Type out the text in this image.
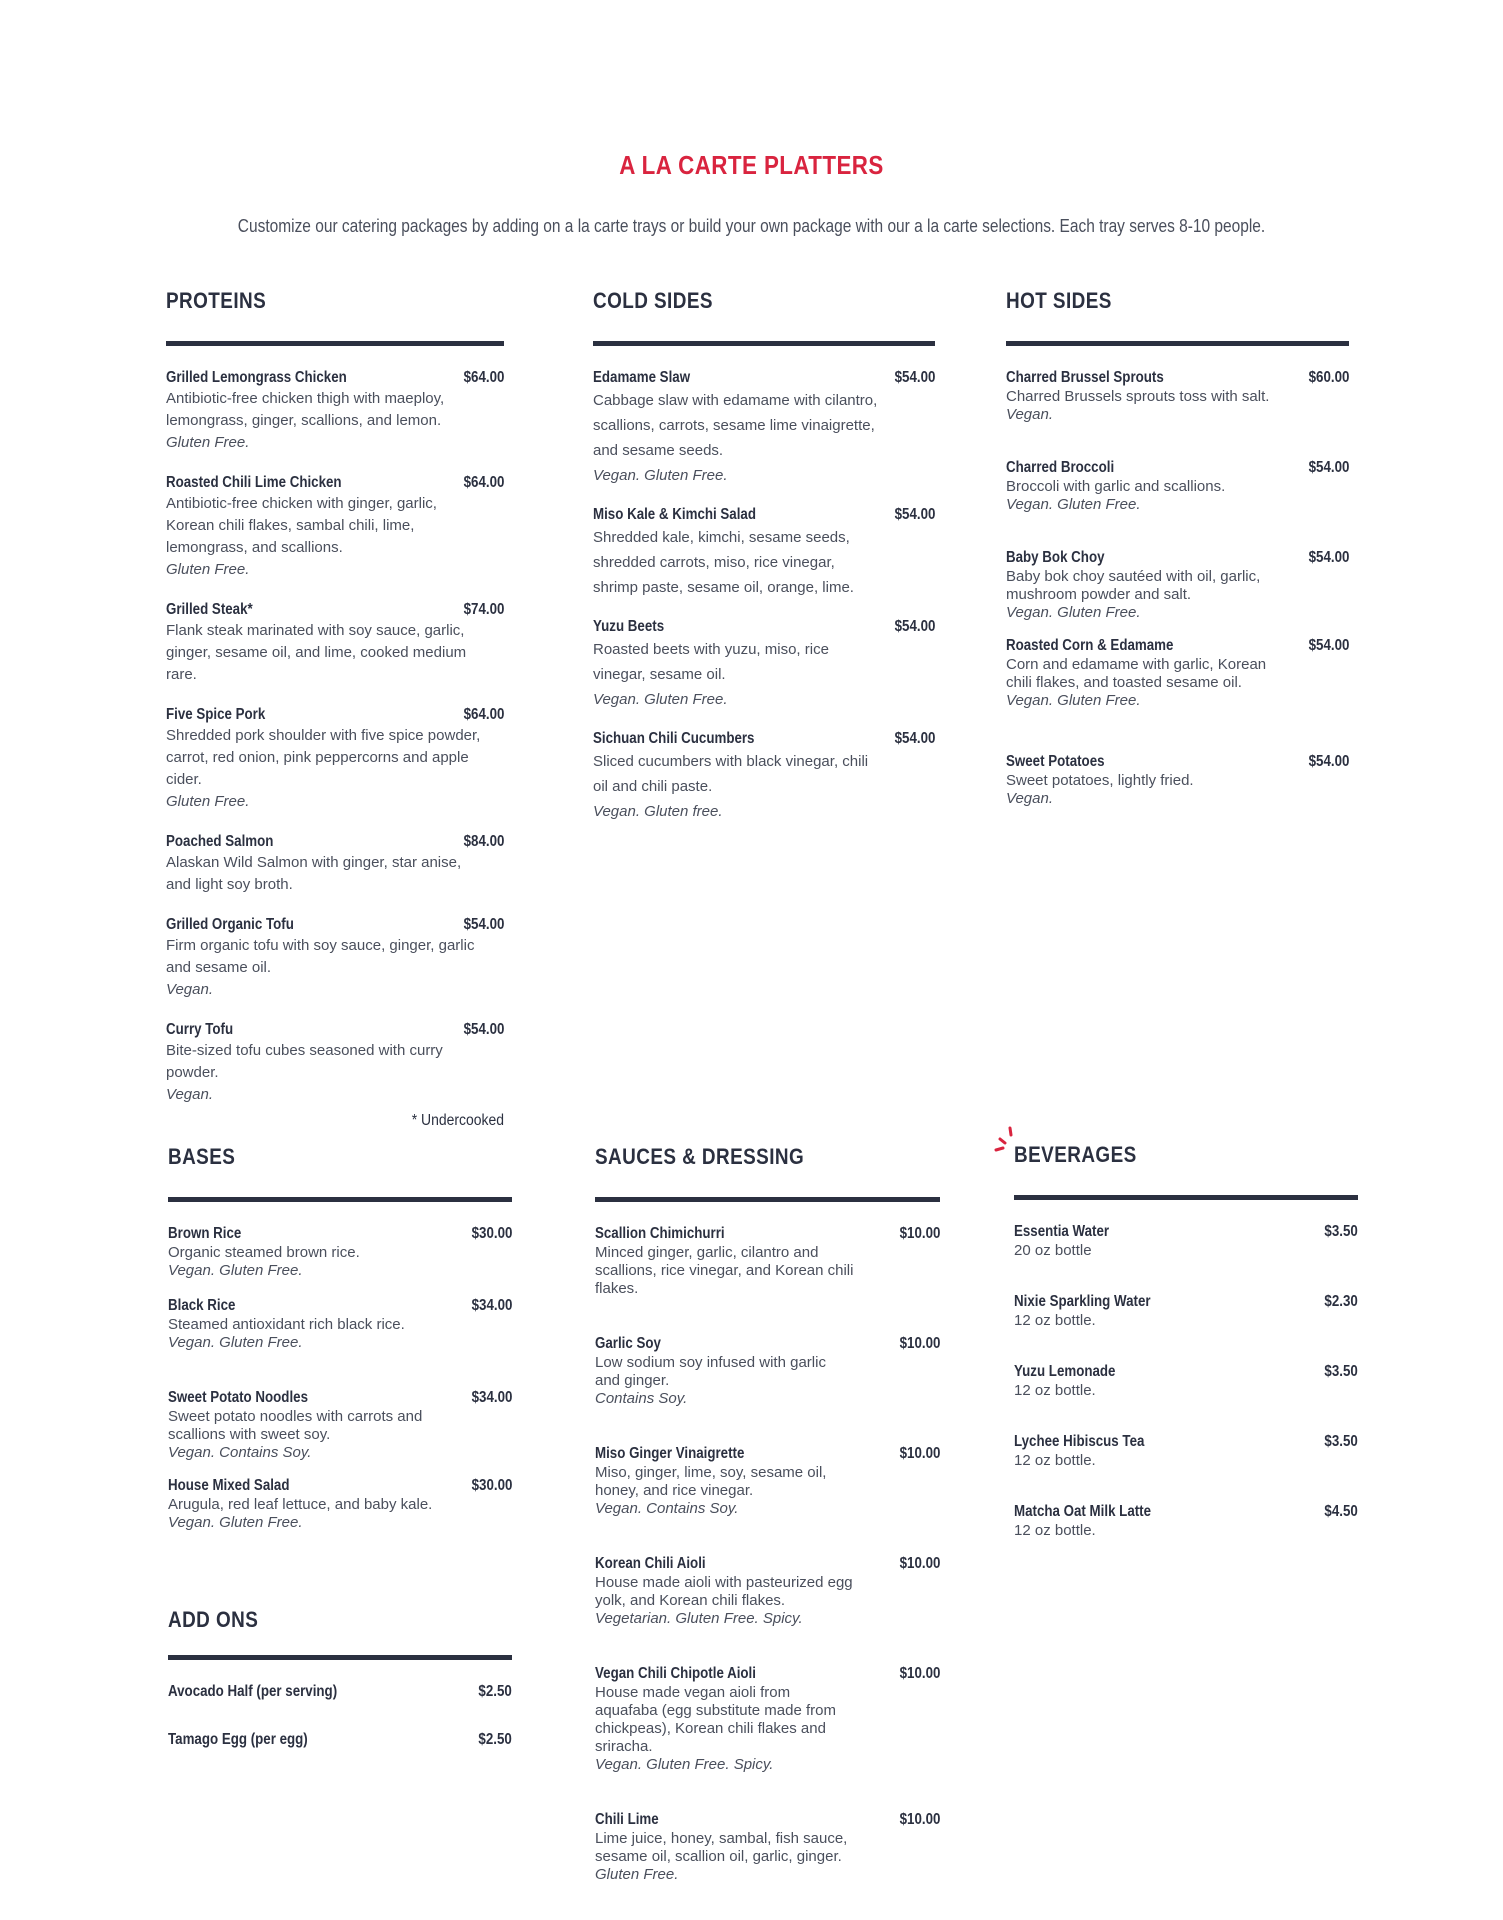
A LA CARTE PLATTERS
Customize our catering packages by adding on a la carte trays or build your own package with our a la carte selections. Each tray serves 8-10 people.
PROTEINS
Grilled Lemongrass Chicken	$64.00
Antibiotic-free chicken thigh with maeploy, lemongrass, ginger, scallions, and lemon.
Gluten Free.
Roasted Chili Lime Chicken	$64.00
Antibiotic-free chicken with ginger, garlic, Korean chili flakes, sambal chili, lime, lemongrass, and scallions.
Gluten Free.
Grilled Steak*	$74.00
Flank steak marinated with soy sauce, garlic, ginger, sesame oil, and lime, cooked medium rare.
Five Spice Pork	$64.00
Shredded pork shoulder with five spice powder, carrot, red onion, pink peppercorns and apple cider.
Gluten Free.
Poached Salmon	$84.00
Alaskan Wild Salmon with ginger, star anise, and light soy broth.
Grilled Organic Tofu	$54.00
Firm organic tofu with soy sauce, ginger, garlic and sesame oil.
Vegan.
Curry Tofu	$54.00
Bite-sized tofu cubes seasoned with curry powder.
Vegan.
* Undercooked
COLD SIDES
Edamame Slaw	$54.00
Cabbage slaw with edamame with cilantro, scallions, carrots, sesame lime vinaigrette, and sesame seeds.
Vegan. Gluten Free.
Miso Kale & Kimchi Salad	$54.00
Shredded kale, kimchi, sesame seeds, shredded carrots, miso, rice vinegar, shrimp paste, sesame oil, orange, lime.
Yuzu Beets	$54.00
Roasted beets with yuzu, miso, rice vinegar, sesame oil.
Vegan. Gluten Free.
Sichuan Chili Cucumbers	$54.00
Sliced cucumbers with black vinegar, chili oil and chili paste.
Vegan. Gluten free.
HOT SIDES
Charred Brussel Sprouts	$60.00
Charred Brussels sprouts toss with salt.
Vegan.
Charred Broccoli	$54.00
Broccoli with garlic and scallions.
Vegan. Gluten Free.
Baby Bok Choy	$54.00
Baby bok choy sautéed with oil, garlic, mushroom powder and salt.
Vegan. Gluten Free.
Roasted Corn & Edamame	$54.00
Corn and edamame with garlic, Korean chili flakes, and toasted sesame oil.
Vegan. Gluten Free.
Sweet Potatoes	$54.00
Sweet potatoes, lightly fried.
Vegan.
BASES
Brown Rice	$30.00
Organic steamed brown rice.
Vegan. Gluten Free.
Black Rice	$34.00
Steamed antioxidant rich black rice.
Vegan. Gluten Free.
Sweet Potato Noodles	$34.00
Sweet potato noodles with carrots and scallions with sweet soy.
Vegan. Contains Soy.
House Mixed Salad	$30.00
Arugula, red leaf lettuce, and baby kale.
Vegan. Gluten Free.
ADD ONS
Avocado Half (per serving)	$2.50
Tamago Egg (per egg)	$2.50
SAUCES & DRESSING
Scallion Chimichurri	$10.00
Minced ginger, garlic, cilantro and scallions, rice vinegar, and Korean chili flakes.
Garlic Soy	$10.00
Low sodium soy infused with garlic and ginger.
Contains Soy.
Miso Ginger Vinaigrette	$10.00
Miso, ginger, lime, soy, sesame oil, honey, and rice vinegar.
Vegan. Contains Soy.
Korean Chili Aioli	$10.00
House made aioli with pasteurized egg yolk, and Korean chili flakes.
Vegetarian. Gluten Free. Spicy.
Vegan Chili Chipotle Aioli	$10.00
House made vegan aioli from aquafaba (egg substitute made from chickpeas), Korean chili flakes and sriracha.
Vegan. Gluten Free. Spicy.
Chili Lime	$10.00
Lime juice, honey, sambal, fish sauce, sesame oil, scallion oil, garlic, ginger.
Gluten Free.
BEVERAGES
Essentia Water	$3.50
20 oz bottle
Nixie Sparkling Water	$2.30
12 oz bottle.
Yuzu Lemonade	$3.50
12 oz bottle.
Lychee Hibiscus Tea	$3.50
12 oz bottle.
Matcha Oat Milk Latte	$4.50
12 oz bottle.
